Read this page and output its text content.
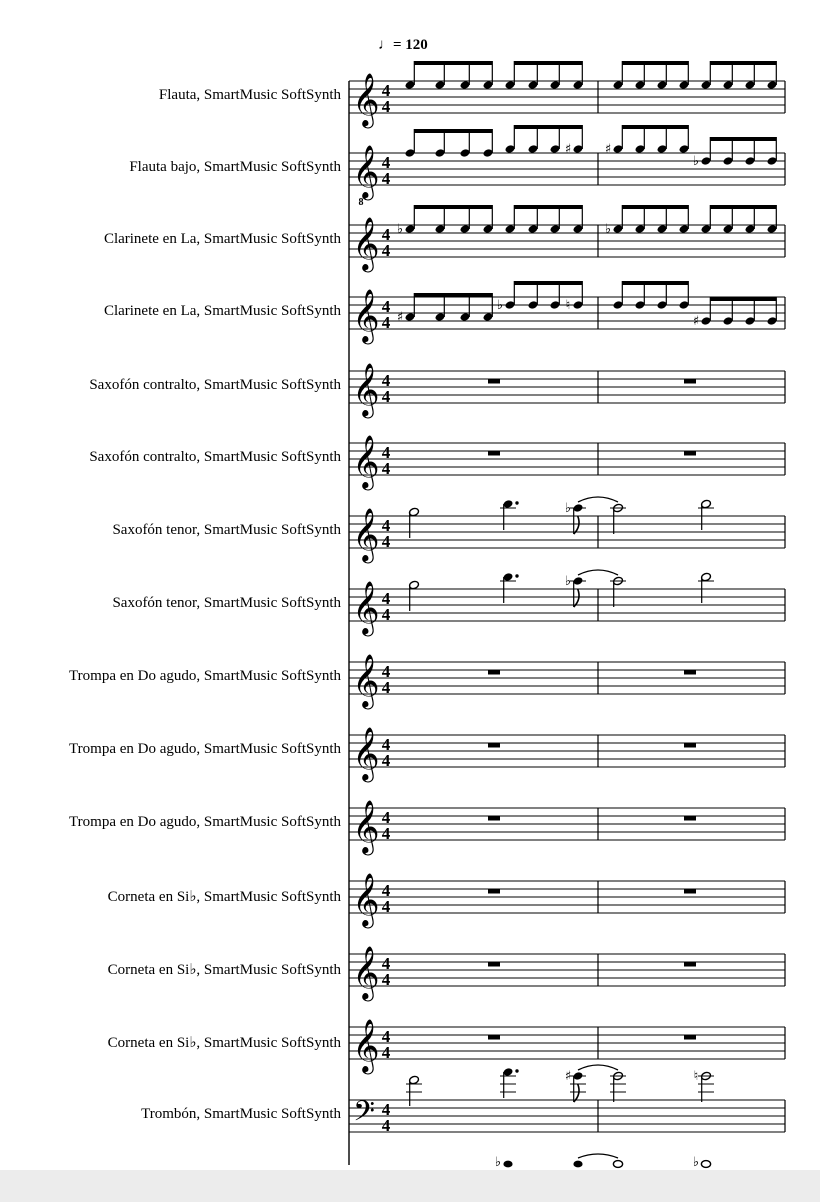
♩= 120
Flauta, SmartMusic SoftSynth
Flauta bajo, SmartMusic SoftSynth
Clarinete en La, SmartMusic SoftSynth
Clarinete en La, SmartMusic SoftSynth
Saxofón contralto, SmartMusic SoftSynth
Saxofón contralto, SmartMusic SoftSynth
Saxofón tenor, SmartMusic SoftSynth
Saxofón tenor, SmartMusic SoftSynth
Trompa en Do agudo, SmartMusic SoftSynth
Trompa en Do agudo, SmartMusic SoftSynth
Trompa en Do agudo, SmartMusic SoftSynth
Corneta en Si♭, SmartMusic SoftSynth
Corneta en Si♭, SmartMusic SoftSynth
Corneta en Si♭, SmartMusic SoftSynth
Trombón, SmartMusic SoftSynth
𝄞 4
4
𝄞
8
4
4
𝄞 4
4
𝄞 4
4
𝄞 4
4
𝄞 4
4
𝄞 4
4
𝄞 4
4
𝄞 4
4
𝄞 4
4
𝄞 4
4
𝄞 4
4
𝄞 4
4
𝄞 4
4
𝄢 4
4
♯	♯
♭
♭	♭
♯
♭	♮
♯
♭
♭
♯	♮
♭	♭
